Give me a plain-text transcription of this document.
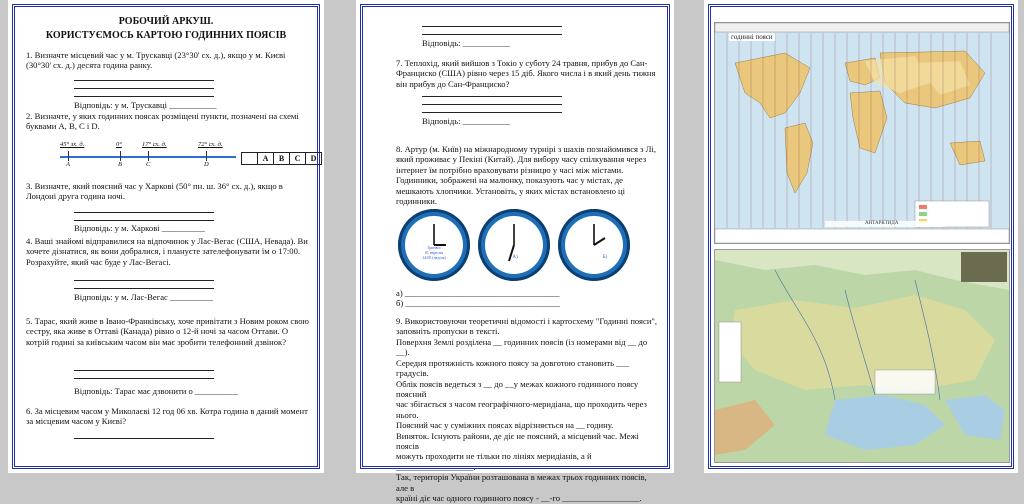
РОБОЧИЙ АРКУШ.
КОРИСТУЄМОСЬ КАРТОЮ ГОДИННИХ ПОЯСІВ
1. Визначте місцевий час у м. Трускавці (23°30' сх. д.), якщо у м. Києві (30°30' сх. д.) десята година ранку.
Відповідь: у м. Трускавці ___________
2. Визначте, у яких годинних поясах розміщені пункти, позначені на схемі буквами А, В, С і D.
45° зх. д.	0°	17° сх. д.	72° сх. д.
A	B	C	D
	A	B	C	D
3. Визначте, який поясний час у Харкові (50° пн. ш. 36° сх. д.), якщо в Лондоні друга година ночі.
Відповідь: у м. Харкові __________
4. Ваші знайомі відправилися на відпочинок у Лас-Вегас (США, Невада). Ви хочете дізнатися, як вони добралися, і плануєте зателефонувати їм о 17:00. Розрахуйте, який час буде у Лас-Вегасі.
Відповідь: у м. Лас-Вегас __________
5. Тарас, який живе в Івано-Франківську, хоче привітати з Новим роком свою сестру, яка живе в Оттаві (Канада) рівно о 12-й ночі за часом Оттави. О котрій годині за київським часом він має зробити телефонний дзвінок?
Відповідь: Тарас має дзвонити о __________
6. За місцевим часом у Миколаєві 12 год 06 хв. Котра година в даний момент за місцевим часом у Києві?
Відповідь: ___________
7. Теплохід, який вийшов з Токіо у суботу 24 травня, прибув до Сан-Франциско (США) рівно через 15 діб. Якого числа і в який день тижня він прибув до Сан-Франциско?
Відповідь: ___________
8. Артур (м. Київ) на міжнародному турнірі з шахів познайомився з Лі, який проживає у Пекіні (Китай). Для вибору часу спілкування через інтернет їм потрібно враховувати різницю у часі між містами. Годинники, зображені на малюнку, показують час у містах, де мешкають хлопчики. Установіть, у яких містах встановлено ці годинники.
Ґринвіч
01 вересня
14:00 (неділя)	А)	Б)
а) ____________________________________
б) ____________________________________
9. Використовуючи теоретичні відомості і картосхему "Годинні пояси", заповніть пропуски в тексті.
Поверхня Землі розділена __ годинних поясів (із номерами від __ до __).
Середня протяжність кожного поясу за довготою становить ___ градусів.
Облік поясів ведеться з __ до __у межах кожного годинного поясу поясний
час збігається з часом географічного-меридіана, що проходить через нього.
Поясний час у суміжних поясах відрізняється на __ годину.
Виняток. Існують райони, де діє не поясний, а місцевий час. Межі поясів
можуть проходити не тільки по лініях меридіанів, а й __________________.
Так, територія України розташована в межах трьох годинних поясів, але в
країні діє час одного годинного поясу - __-го __________________.
годинні пояси
АНТАРКТИДА
